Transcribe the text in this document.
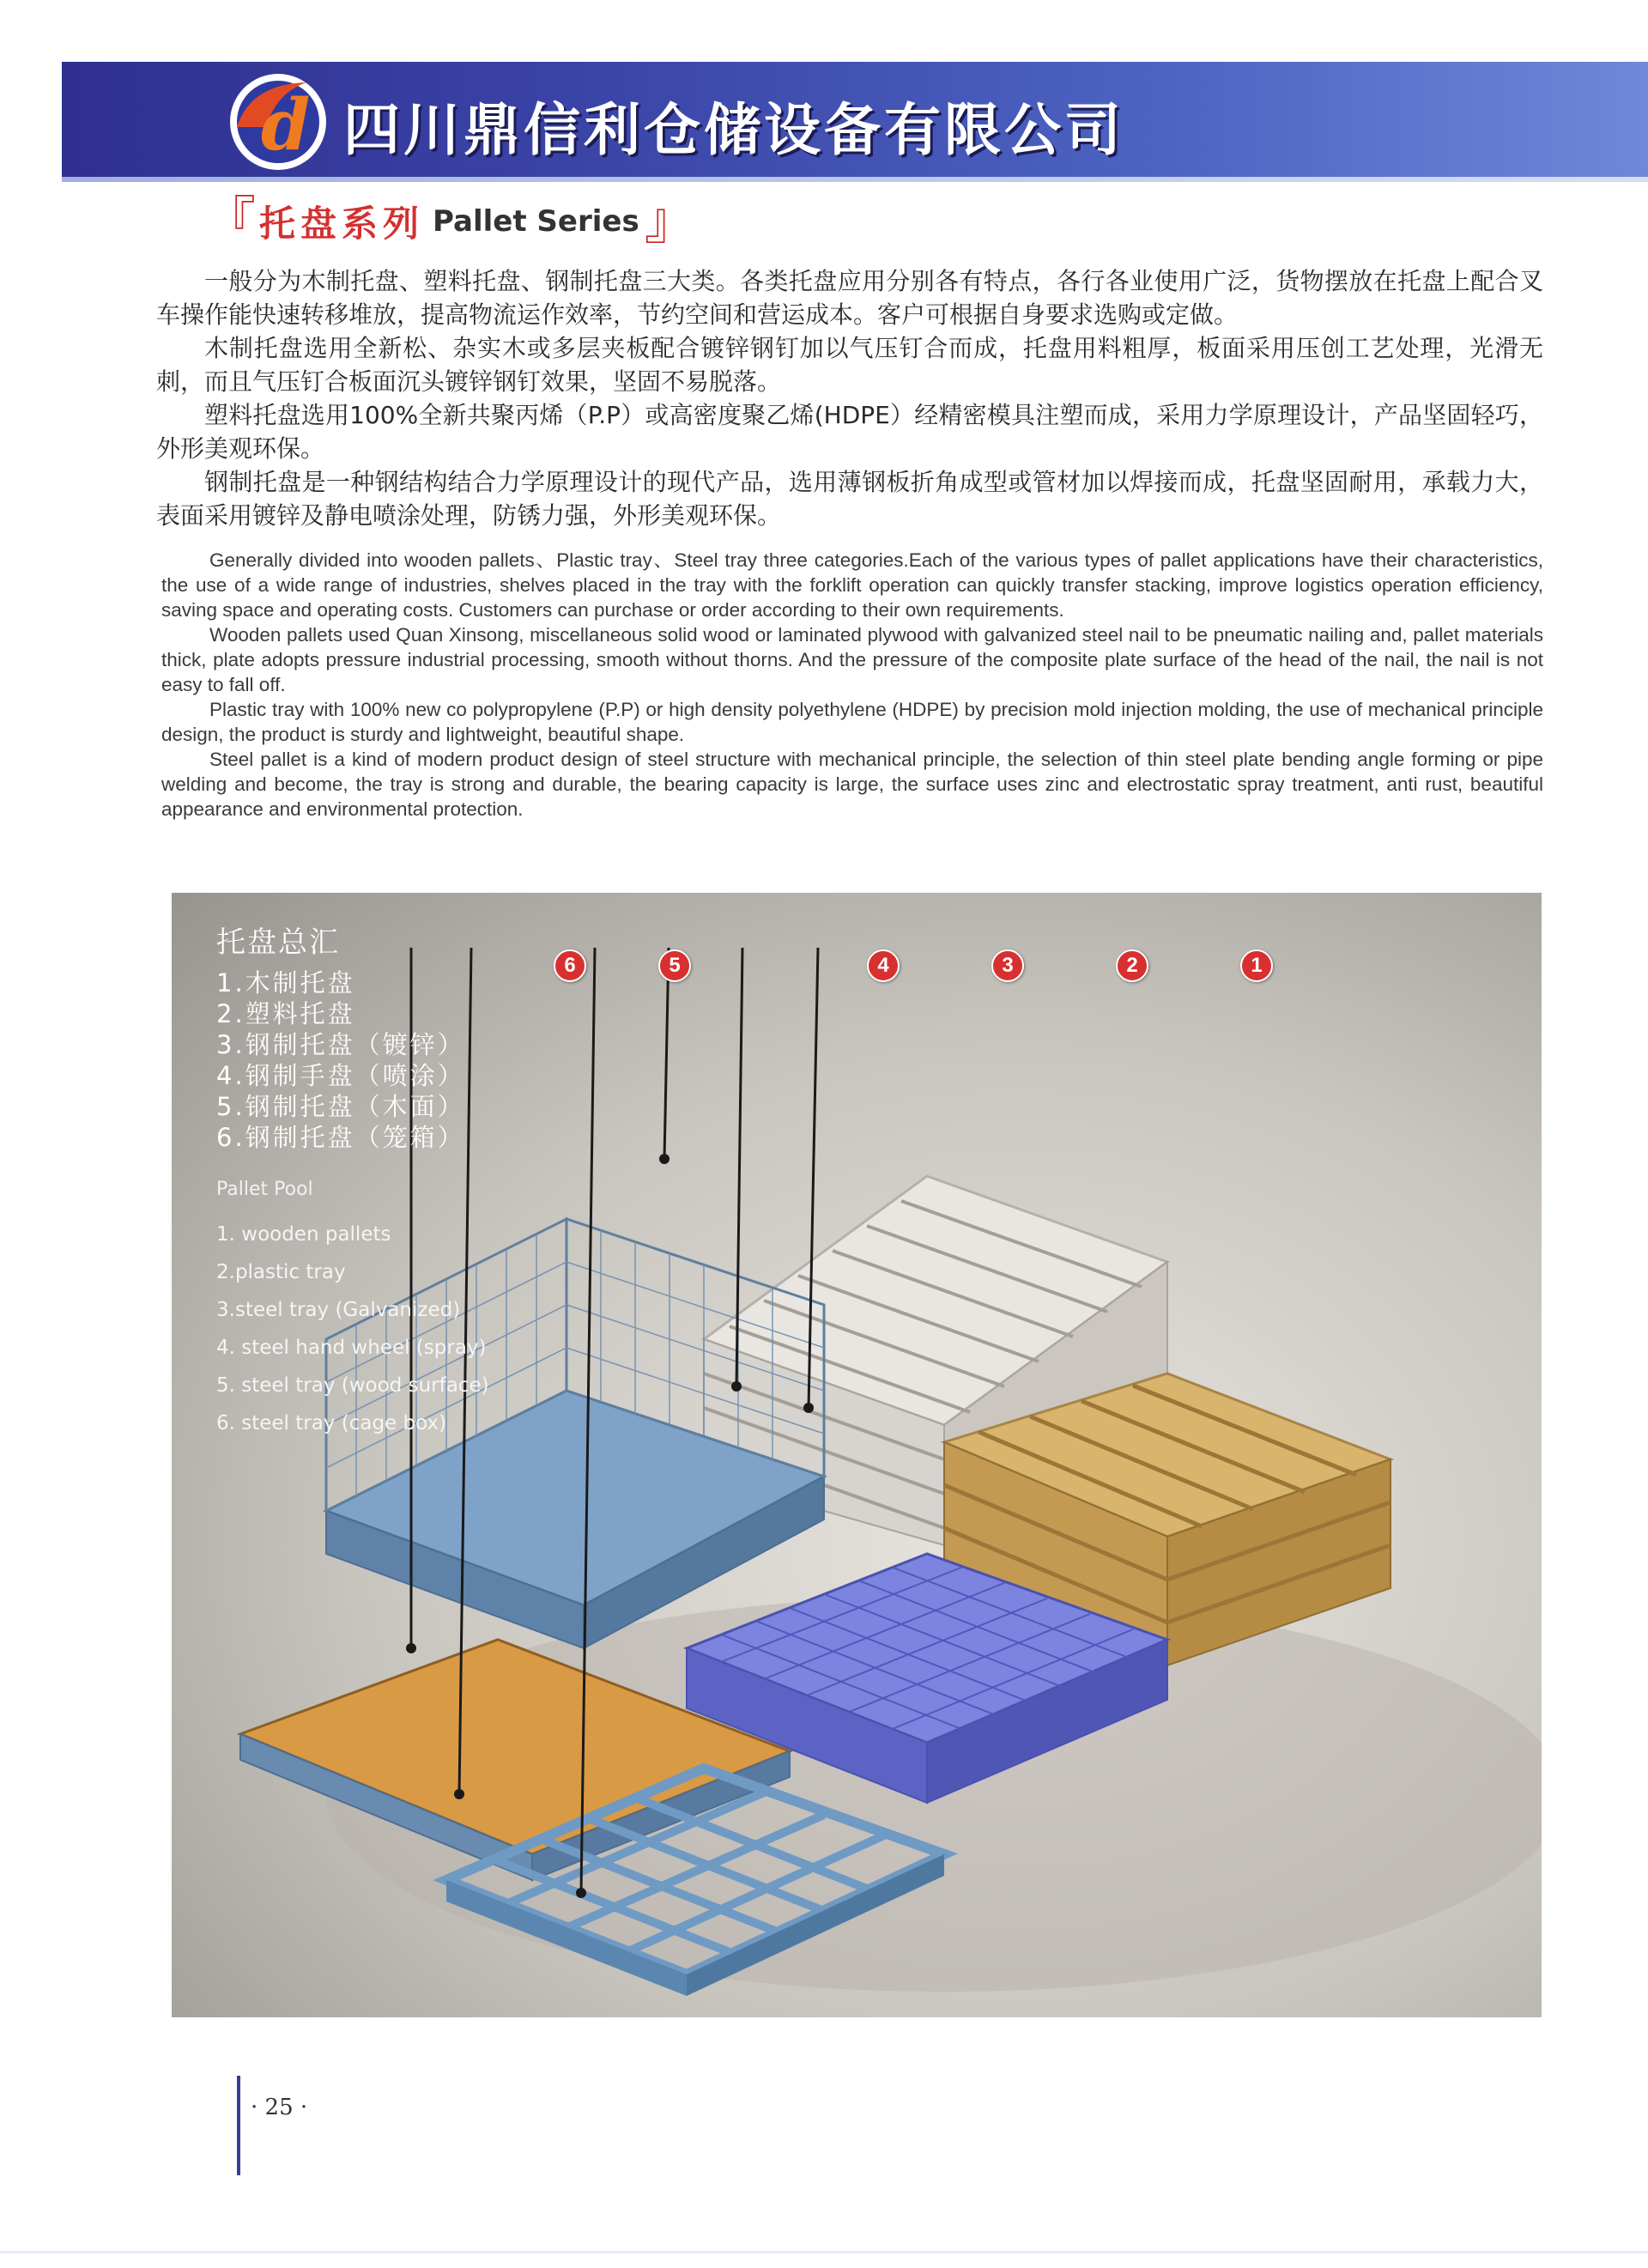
d 四川鼎信利仓储设备有限公司
『 托盘系列 Pallet Series 』

一般分为木制托盘、塑料托盘、钢制托盘三大类。各类托盘应用分别各有特点，各行各业使用广泛，货物摆放在托盘上配合叉车操作能快速转移堆放，提高物流运作效率，节约空间和营运成本。客户可根据自身要求选购或定做。

木制托盘选用全新松、杂实木或多层夹板配合镀锌钢钉加以气压钉合而成，托盘用料粗厚，板面采用压创工艺处理，光滑无刺，而且气压钉合板面沉头镀锌钢钉效果，坚固不易脱落。

塑料托盘选用100%全新共聚丙烯（P.P）或高密度聚乙烯(HDPE）经精密模具注塑而成，采用力学原理设计，产品坚固轻巧，外形美观环保。

钢制托盘是一种钢结构结合力学原理设计的现代产品，选用薄钢板折角成型或管材加以焊接而成，托盘坚固耐用，承载力大，表面采用镀锌及静电喷涂处理，防锈力强，外形美观环保。

Generally divided into wooden pallets、Plastic tray、Steel tray three categories.Each of the various types of pallet applications have their characteristics, the use of a wide range of industries, shelves placed in the tray with the forklift operation can quickly transfer stacking, improve logistics operation efficiency, saving space and operating costs. Customers can purchase or order according to their own requirements.

Wooden pallets used Quan Xinsong, miscellaneous solid wood or laminated plywood with galvanized steel nail to be pneumatic nailing and, pallet materials thick, plate adopts pressure industrial processing, smooth without thorns. And the pressure of the composite plate surface of the head of the nail, the nail is not easy to fall off.

Plastic tray with 100% new co polypropylene (P.P) or high density polyethylene (HDPE) by precision mold injection molding, the use of mechanical principle design, the product is sturdy and lightweight, beautiful shape.

Steel pallet is a kind of modern product design of steel structure with mechanical principle, the selection of thin steel plate bending angle forming or pipe welding and become, the tray is strong and durable, the bearing capacity is large, the surface uses zinc and electrostatic spray treatment, anti rust, beautiful appearance and environmental protection.

6	5	4	3	2	1
托盘总汇
1.木制托盘
2.塑料托盘
3.钢制托盘（镀锌）
4.钢制手盘（喷涂）
5.钢制托盘（木面）
6.钢制托盘（笼箱）
Pallet Pool
1. wooden pallets
2.plastic tray
3.steel tray (Galvanized)
4. steel hand wheel (spray)
5. steel tray (wood surface)
6. steel tray (cage box)
· 25 ·
